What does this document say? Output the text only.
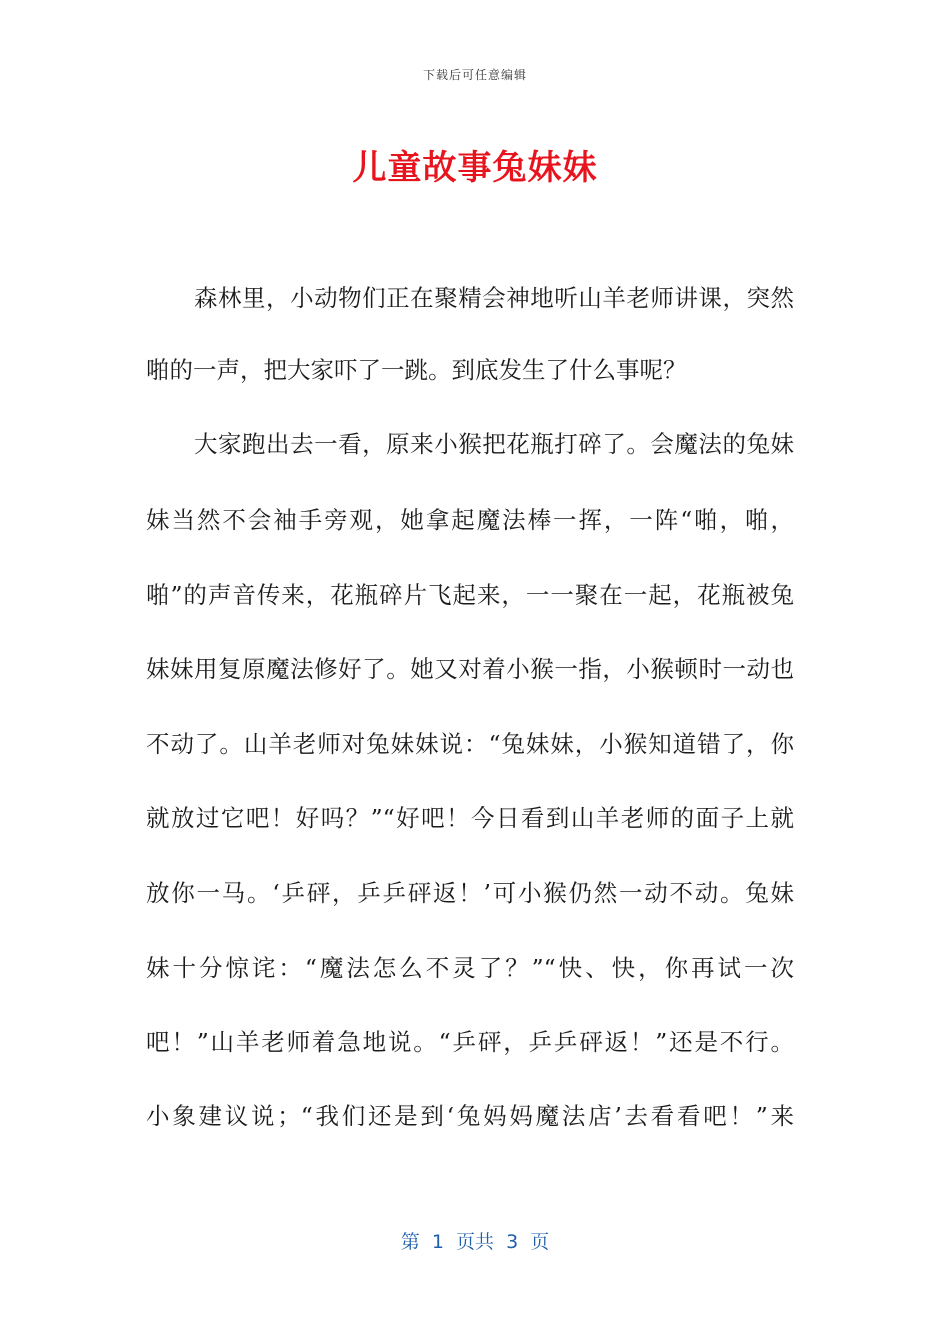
下载后可任意编辑
儿童故事兔妹妹
森林里，小动物们正在聚精会神地听山羊老师讲课，突然
啪的一声，把大家吓了一跳。到底发生了什么事呢？
大家跑出去一看，原来小猴把花瓶打碎了。会魔法的兔妹
妹当然不会袖手旁观，她拿起魔法棒一挥，一阵“啪，啪，
啪”的声音传来，花瓶碎片飞起来，一一聚在一起，花瓶被兔
妹妹用复原魔法修好了。她又对着小猴一指，小猴顿时一动也
不动了。山羊老师对兔妹妹说：“兔妹妹，小猴知道错了，你
就放过它吧！好吗？”“好吧！今日看到山羊老师的面子上就
放你一马。‘乒砰，乒乒砰返！’可小猴仍然一动不动。兔妹
妹十分惊诧：“魔法怎么不灵了？”“快、快，你再试一次
吧！”山羊老师着急地说。“乒砰，乒乒砰返！”还是不行。
小象建议说；“我们还是到‘兔妈妈魔法店’去看看吧！”来
第  1  页共  3  页
